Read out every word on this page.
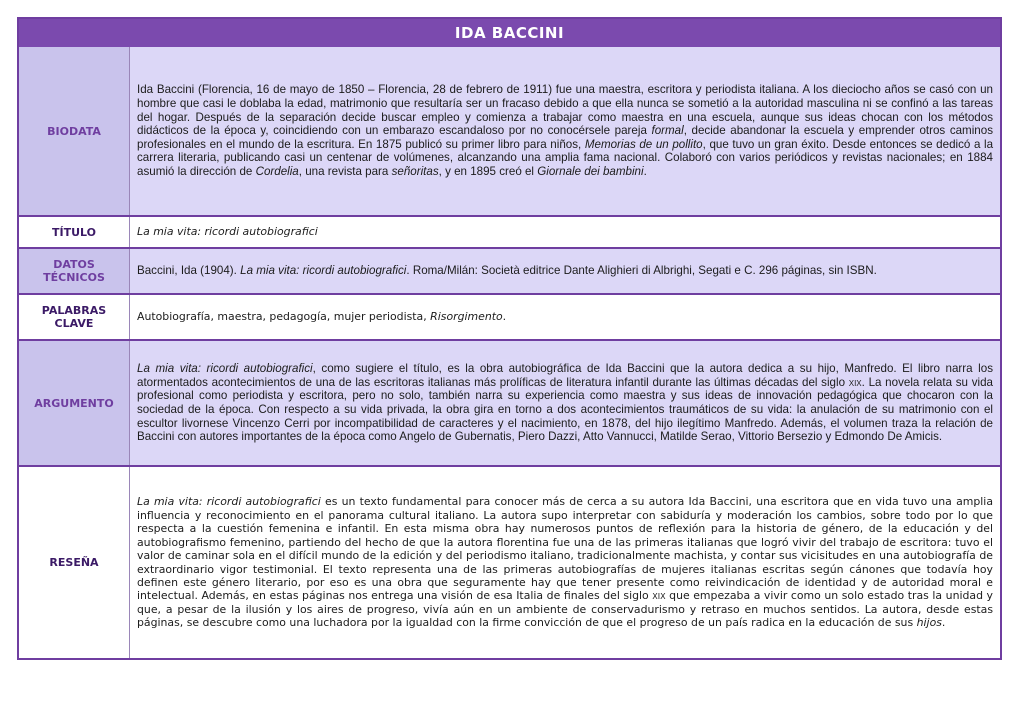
IDA BACCINI
BIODATA
Ida Baccini (Florencia, 16 de mayo de 1850 – Florencia, 28 de febrero de 1911) fue una maestra, escritora y periodista italiana. A los dieciocho años se casó con un hombre que casi le doblaba la edad, matrimonio que resultaría ser un fracaso debido a que ella nunca se sometió a la autoridad masculina ni se confinó a las tareas del hogar. Después de la separación decide buscar empleo y comienza a trabajar como maestra en una escuela, aunque sus ideas chocan con los métodos didácticos de la época y, coincidiendo con un embarazo escandaloso por no conocérsele pareja formal, decide abandonar la escuela y emprender otros caminos profesionales en el mundo de la escritura. En 1875 publicó su primer libro para niños, Memorias de un pollito, que tuvo un gran éxito. Desde entonces se dedicó a la carrera literaria, publicando casi un centenar de volúmenes, alcanzando una amplia fama nacional. Colaboró con varios periódicos y revistas nacionales; en 1884 asumió la dirección de Cordelia, una revista para señoritas, y en 1895 creó el Giornale dei bambini.
TÍTULO	La mia vita: ricordi autobiografici
DATOS
TÉCNICOS
Baccini, Ida (1904). La mia vita: ricordi autobiografici. Roma/Milán: Società editrice Dante Alighieri di Albrighi, Segati e C. 296 páginas, sin ISBN.
PALABRAS
CLAVE
Autobiografía, maestra, pedagogía, mujer periodista, Risorgimento.
ARGUMENTO
La mia vita: ricordi autobiografici, como sugiere el título, es la obra autobiográfica de Ida Baccini que la autora dedica a su hijo, Manfredo. El libro narra los atormentados acontecimientos de una de las escritoras italianas más prolíficas de literatura infantil durante las últimas décadas del siglo xix. La novela relata su vida profesional como periodista y escritora, pero no solo, también narra su experiencia como maestra y sus ideas de innovación pedagógica que chocaron con la sociedad de la época. Con respecto a su vida privada, la obra gira en torno a dos acontecimientos traumáticos de su vida: la anulación de su matrimonio con el escultor livornese Vincenzo Cerri por incompatibilidad de caracteres y el nacimiento, en 1878, del hijo ilegítimo Manfredo. Además, el volumen traza la relación de Baccini con autores importantes de la época como Angelo de Gubernatis, Piero Dazzi, Atto Vannucci, Matilde Serao, Vittorio Bersezio y Edmondo De Amicis.
RESEÑA
La mia vita: ricordi autobiografici es un texto fundamental para conocer más de cerca a su autora Ida Baccini, una escritora que en vida tuvo una amplia influencia y reconocimiento en el panorama cultural italiano. La autora supo interpretar con sabiduría y moderación los cambios, sobre todo por lo que respecta a la cuestión femenina e infantil. En esta misma obra hay numerosos puntos de reflexión para la historia de género, de la educación y del autobiografismo femenino, partiendo del hecho de que la autora florentina fue una de las primeras italianas que logró vivir del trabajo de escritora: tuvo el valor de caminar sola en el difícil mundo de la edición y del periodismo italiano, tradicionalmente machista, y contar sus vicisitudes en una autobiografía de extraordinario vigor testimonial. El texto representa una de las primeras autobiografías de mujeres italianas escritas según cánones que todavía hoy definen este género literario, por eso es una obra que seguramente hay que tener presente como reivindicación de identidad y de autoridad moral e intelectual. Además, en estas páginas nos entrega una visión de esa Italia de finales del siglo xix que empezaba a vivir como un solo estado tras la unidad y que, a pesar de la ilusión y los aires de progreso, vivía aún en un ambiente de conservadurismo y retraso en muchos sentidos. La autora, desde estas páginas, se descubre como una luchadora por la igualdad con la firme convicción de que el progreso de un país radica en la educación de sus hijos.
